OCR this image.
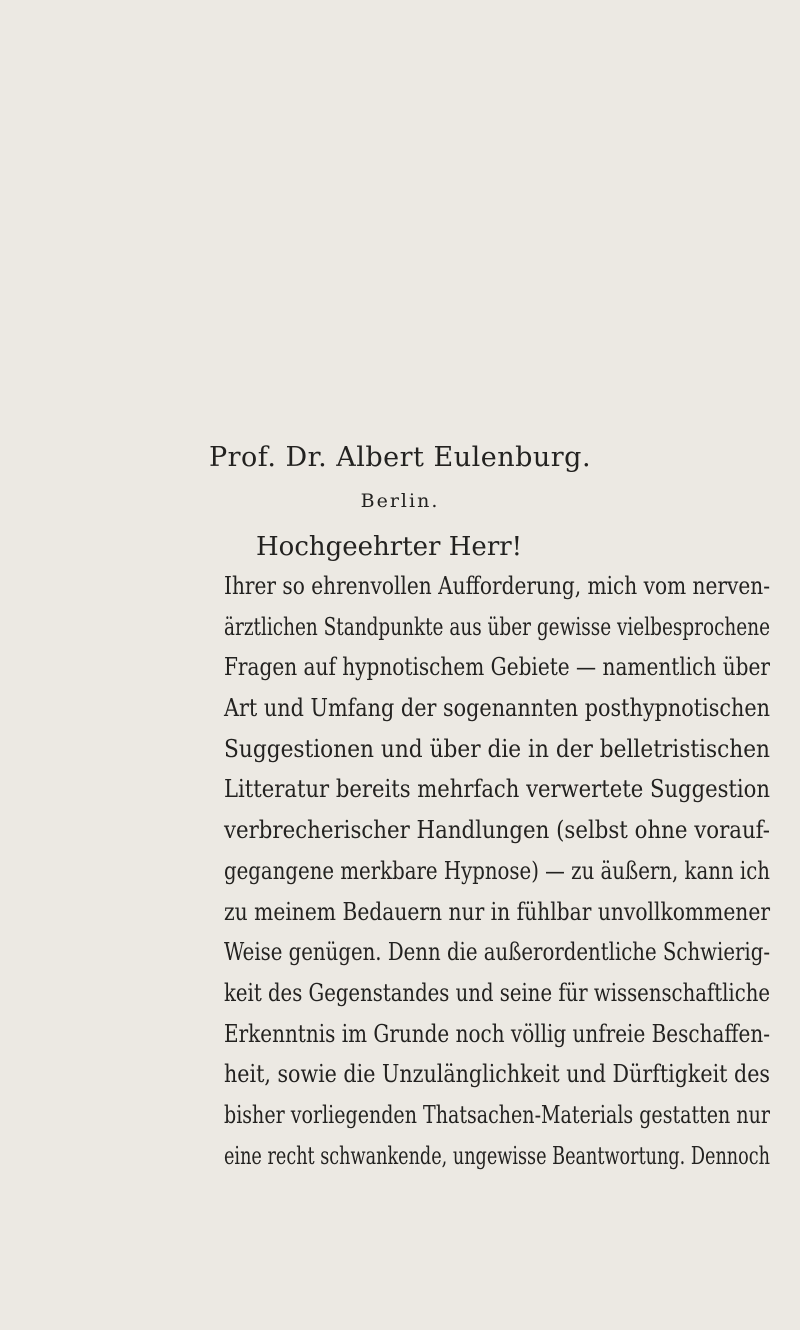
Prof. Dr. Albert Eulenburg.
Berlin.
Hochgeehrter Herr!
Ihrer so ehrenvollen Aufforderung, mich vom nerven-
ärztlichen Standpunkte aus über gewisse vielbesprochene
Fragen auf hypnotischem Gebiete — namentlich über
Art und Umfang der sogenannten posthypnotischen
Suggestionen und über die in der belletristischen
Litteratur bereits mehrfach verwertete Suggestion
verbrecherischer Handlungen (selbst ohne vorauf-
gegangene merkbare Hypnose) — zu äußern, kann ich
zu meinem Bedauern nur in fühlbar unvollkommener
Weise genügen. Denn die außerordentliche Schwierig-
keit des Gegenstandes und seine für wissenschaftliche
Erkenntnis im Grunde noch völlig unfreie Beschaffen-
heit, sowie die Unzulänglichkeit und Dürftigkeit des
bisher vorliegenden Thatsachen-Materials gestatten nur
eine recht schwankende, ungewisse Beantwortung. Dennoch
